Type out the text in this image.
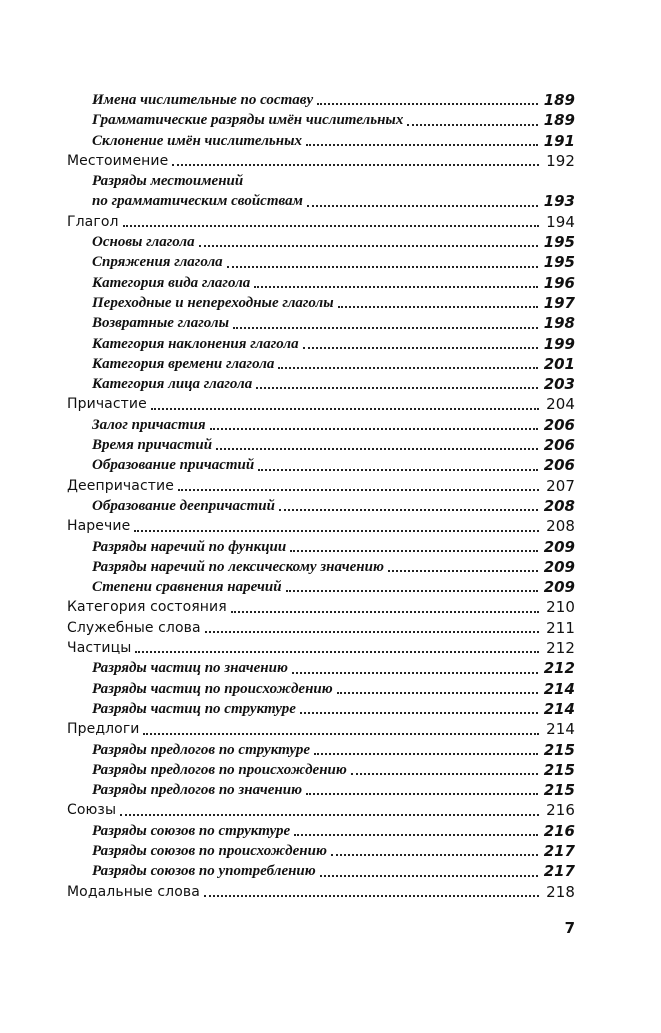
Имена числительные по составу	189
Грамматические разряды имён числительных	189
Склонение имён числительных	191
Местоимение	192
Разряды местоимений
по грамматическим свойствам	193
Глагол	194
Основы глагола	195
Спряжения глагола	195
Категория вида глагола	196
Переходные и непереходные глаголы	197
Возвратные глаголы	198
Категория наклонения глагола	199
Категория времени глагола	201
Категория лица глагола	203
Причастие	204
Залог причастия	206
Время причастий	206
Образование причастий	206
Деепричастие	207
Образование деепричастий	208
Наречие	208
Разряды наречий по функции	209
Разряды наречий по лексическому значению	209
Степени сравнения наречий	209
Категория состояния	210
Служебные слова	211
Частицы	212
Разряды частиц по значению	212
Разряды частиц по происхождению	214
Разряды частиц по структуре	214
Предлоги	214
Разряды предлогов по структуре	215
Разряды предлогов по происхождению	215
Разряды предлогов по значению	215
Союзы	216
Разряды союзов по структуре	216
Разряды союзов по происхождению	217
Разряды союзов по употреблению	217
Модальные слова	218
7
